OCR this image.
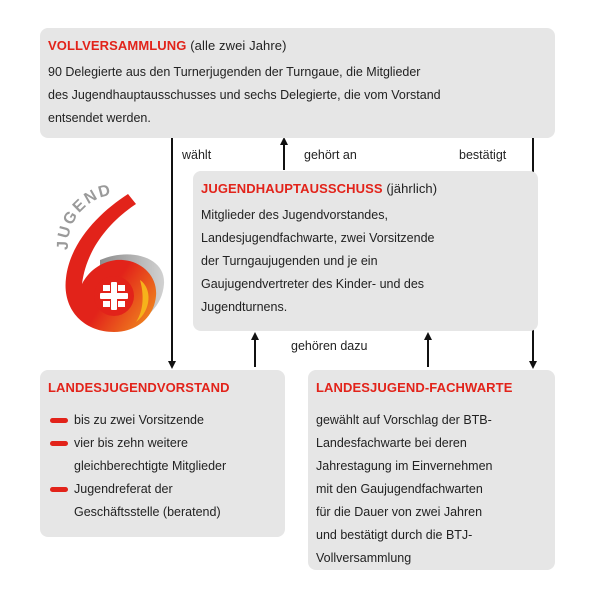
VOLLVERSAMMLUNG (alle zwei Jahre)
90 Delegierte aus den Turnerjugenden der Turngaue, die Mitglieder
des Jugendhauptausschusses und sechs Delegierte, die vom Vorstand
entsendet werden.
wählt	gehört an	bestätigt
gehören dazu
JUGENDHAUPTAUSSCHUSS (jährlich)
Mitglieder des Jugendvorstandes,
Landesjugendfachwarte, zwei Vorsitzende
der Turngaujugenden und je ein
Gaujugendvertreter des Kinder- und des
Jugendturnens.
JUGEND
LANDESJUGENDVORSTAND
bis zu zwei Vorsitzende
vier bis zehn weitere
gleichberechtigte Mitglieder
Jugendreferat der
Geschäftsstelle (beratend)
LANDESJUGEND-FACHWARTE
gewählt auf Vorschlag der BTB-
Landesfachwarte bei deren
Jahrestagung im Einvernehmen
mit den Gaujugendfachwarten
für die Dauer von zwei Jahren
und bestätigt durch die BTJ-
Vollversammlung
